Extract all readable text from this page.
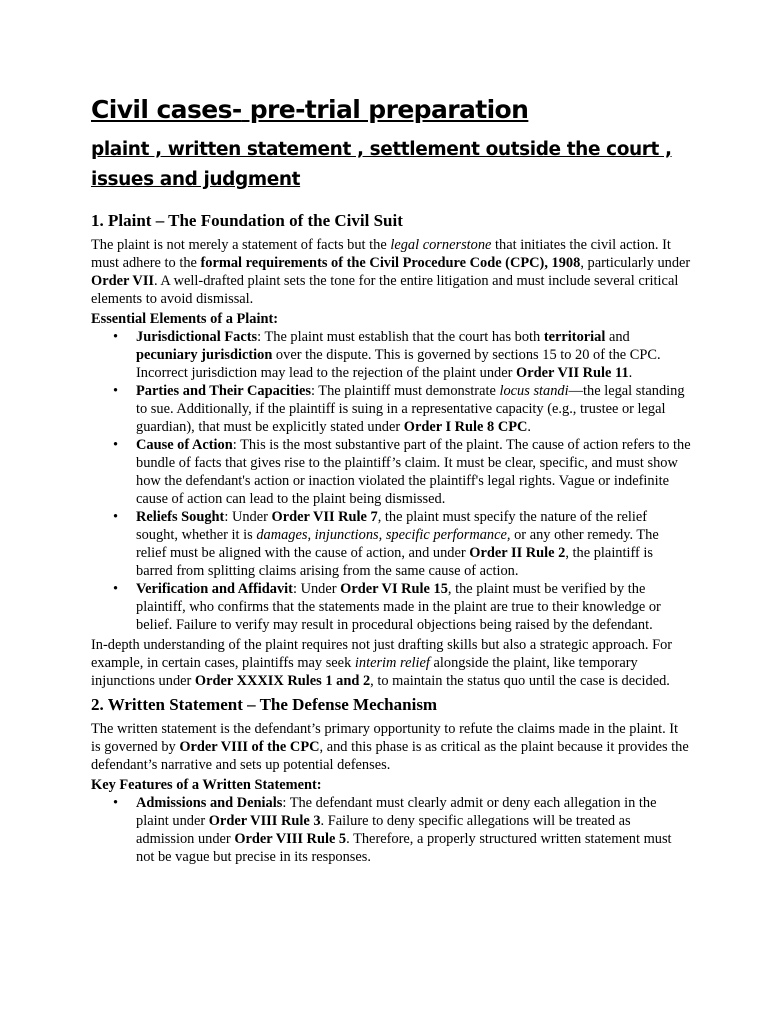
Civil cases- pre-trial preparation
plaint , written statement , settlement outside the court ,
issues and judgment
1. Plaint – The Foundation of the Civil Suit

The plaint is not merely a statement of facts but the legal cornerstone that initiates the civil action. It must adhere to the formal requirements of the Civil Procedure Code (CPC), 1908, particularly under Order VII. A well-drafted plaint sets the tone for the entire litigation and must include several critical elements to avoid dismissal.

Essential Elements of a Plaint:

• Jurisdictional Facts: The plaint must establish that the court has both territorial and pecuniary jurisdiction over the dispute. This is governed by sections 15 to 20 of the CPC. Incorrect jurisdiction may lead to the rejection of the plaint under Order VII Rule 11.
• Parties and Their Capacities: The plaintiff must demonstrate locus standi—the legal standing to sue. Additionally, if the plaintiff is suing in a representative capacity (e.g., trustee or legal guardian), that must be explicitly stated under Order I Rule 8 CPC.
• Cause of Action: This is the most substantive part of the plaint. The cause of action refers to the bundle of facts that gives rise to the plaintiff’s claim. It must be clear, specific, and must show how the defendant's action or inaction violated the plaintiff's legal rights. Vague or indefinite cause of action can lead to the plaint being dismissed.
• Reliefs Sought: Under Order VII Rule 7, the plaint must specify the nature of the relief sought, whether it is damages, injunctions, specific performance, or any other remedy. The relief must be aligned with the cause of action, and under Order II Rule 2, the plaintiff is barred from splitting claims arising from the same cause of action.
• Verification and Affidavit: Under Order VI Rule 15, the plaint must be verified by the plaintiff, who confirms that the statements made in the plaint are true to their knowledge or belief. Failure to verify may result in procedural objections being raised by the defendant.

In-depth understanding of the plaint requires not just drafting skills but also a strategic approach. For example, in certain cases, plaintiffs may seek interim relief alongside the plaint, like temporary injunctions under Order XXXIX Rules 1 and 2, to maintain the status quo until the case is decided.

2. Written Statement – The Defense Mechanism

The written statement is the defendant’s primary opportunity to refute the claims made in the plaint. It is governed by Order VIII of the CPC, and this phase is as critical as the plaint because it provides the defendant’s narrative and sets up potential defenses.

Key Features of a Written Statement:

• Admissions and Denials: The defendant must clearly admit or deny each allegation in the plaint under Order VIII Rule 3. Failure to deny specific allegations will be treated as admission under Order VIII Rule 5. Therefore, a properly structured written statement must not be vague but precise in its responses.
